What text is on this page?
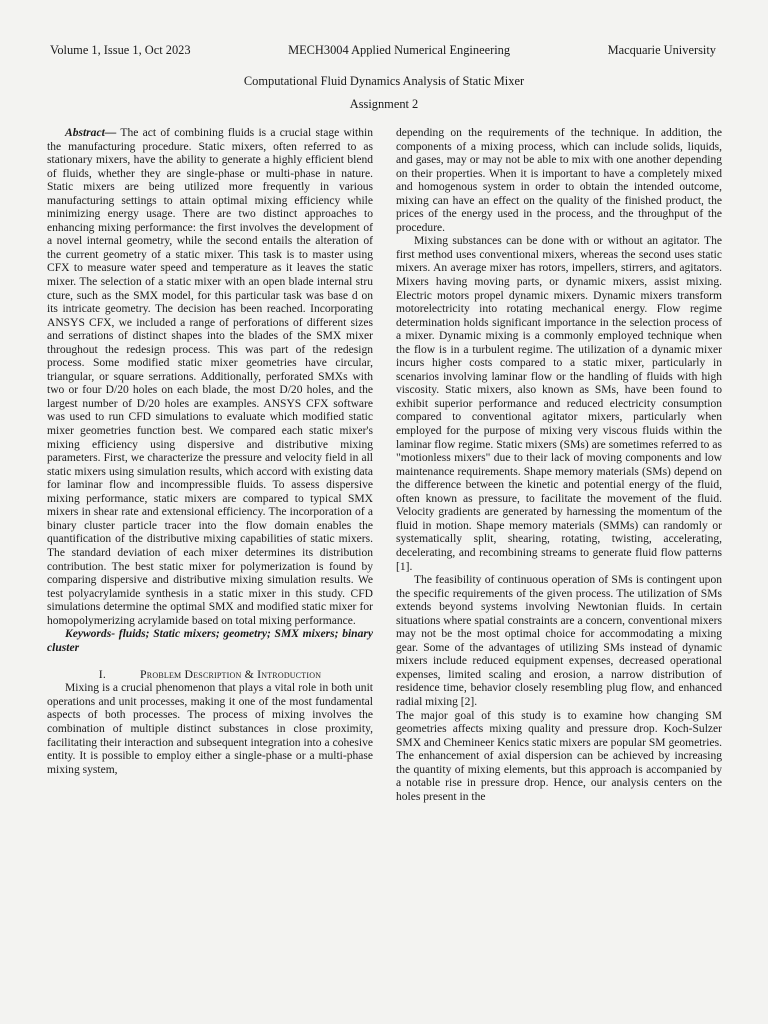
Volume 1, Issue 1, Oct 2023	MECH3004 Applied Numerical Engineering	Macquarie University
Computational Fluid Dynamics Analysis of Static Mixer
Assignment 2

Abstract— The act of combining fluids is a crucial stage within the manufacturing procedure. Static mixers, often referred to as stationary mixers, have the ability to generate a highly efficient blend of fluids, whether they are single-phase or multi-phase in nature. Static mixers are being utilized more frequently in various manufacturing settings to attain optimal mixing efficiency while minimizing energy usage. There are two distinct approaches to enhancing mixing performance: the first involves the development of a novel internal geometry, while the second entails the alteration of the current geometry of a static mixer. This task is to master using CFX to measure water speed and temperature as it leaves the static mixer. The selection of a static mixer with an open blade internal stru cture, such as the SMX model, for this particular task was base d on its intricate geometry. The decision has been reached. Incorporating ANSYS CFX, we included a range of perforations of different sizes and serrations of distinct shapes into the blades of the SMX mixer throughout the redesign process. This was part of the redesign process. Some modified static mixer geometries have circular, triangular, or square serrations. Additionally, perforated SMXs with two or four D/20 holes on each blade, the most D/20 holes, and the largest number of D/20 holes are examples. ANSYS CFX software was used to run CFD simulations to evaluate which modified static mixer geometries function best. We compared each static mixer's mixing efficiency using dispersive and distributive mixing parameters. First, we characterize the pressure and velocity field in all static mixers using simulation results, which accord with existing data for laminar flow and incompressible fluids. To assess dispersive mixing performance, static mixers are compared to typical SMX mixers in shear rate and extensional efficiency. The incorporation of a binary cluster particle tracer into the flow domain enables the quantification of the distributive mixing capabilities of static mixers. The standard deviation of each mixer determines its distribution contribution. The best static mixer for polymerization is found by comparing dispersive and distributive mixing simulation results. We test polyacrylamide synthesis in a static mixer in this study. CFD simulations determine the optimal SMX and modified static mixer for homopolymerizing acrylamide based on total mixing performance.

Keywords- fluids; Static mixers; geometry; SMX mixers; binary cluster

I.	Problem Description & Introduction

Mixing is a crucial phenomenon that plays a vital role in both unit operations and unit processes, making it one of the most fundamental aspects of both processes. The process of mixing involves the combination of multiple distinct substances in close proximity, facilitating their interaction and subsequent integration into a cohesive entity. It is possible to employ either a single-phase or a multi-phase mixing system,

depending on the requirements of the technique. In addition, the components of a mixing process, which can include solids, liquids, and gases, may or may not be able to mix with one another depending on their properties. When it is important to have a completely mixed and homogenous system in order to obtain the intended outcome, mixing can have an effect on the quality of the finished product, the prices of the energy used in the process, and the throughput of the procedure.

Mixing substances can be done with or without an agitator. The first method uses conventional mixers, whereas the second uses static mixers. An average mixer has rotors, impellers, stirrers, and agitators. Mixers having moving parts, or dynamic mixers, assist mixing. Electric motors propel dynamic mixers. Dynamic mixers transform motorelectricity into rotating mechanical energy. Flow regime determination holds significant importance in the selection process of a mixer. Dynamic mixing is a commonly employed technique when the flow is in a turbulent regime. The utilization of a dynamic mixer incurs higher costs compared to a static mixer, particularly in scenarios involving laminar flow or the handling of fluids with high viscosity. Static mixers, also known as SMs, have been found to exhibit superior performance and reduced electricity consumption compared to conventional agitator mixers, particularly when employed for the purpose of mixing very viscous fluids within the laminar flow regime. Static mixers (SMs) are sometimes referred to as "motionless mixers" due to their lack of moving components and low maintenance requirements. Shape memory materials (SMs) depend on the difference between the kinetic and potential energy of the fluid, often known as pressure, to facilitate the movement of the fluid. Velocity gradients are generated by harnessing the momentum of the fluid in motion. Shape memory materials (SMMs) can randomly or systematically split, shearing, rotating, twisting, accelerating, decelerating, and recombining streams to generate fluid flow patterns [1].

The feasibility of continuous operation of SMs is contingent upon the specific requirements of the given process. The utilization of SMs extends beyond systems involving Newtonian fluids. In certain situations where spatial constraints are a concern, conventional mixers may not be the most optimal choice for accommodating a mixing gear. Some of the advantages of utilizing SMs instead of dynamic mixers include reduced equipment expenses, decreased operational expenses, limited scaling and erosion, a narrow distribution of residence time, behavior closely resembling plug flow, and enhanced radial mixing [2].

The major goal of this study is to examine how changing SM geometries affects mixing quality and pressure drop. Koch-Sulzer SMX and Chemineer Kenics static mixers are popular SM geometries. The enhancement of axial dispersion can be achieved by increasing the quantity of mixing elements, but this approach is accompanied by a notable rise in pressure drop. Hence, our analysis centers on the holes present in the
